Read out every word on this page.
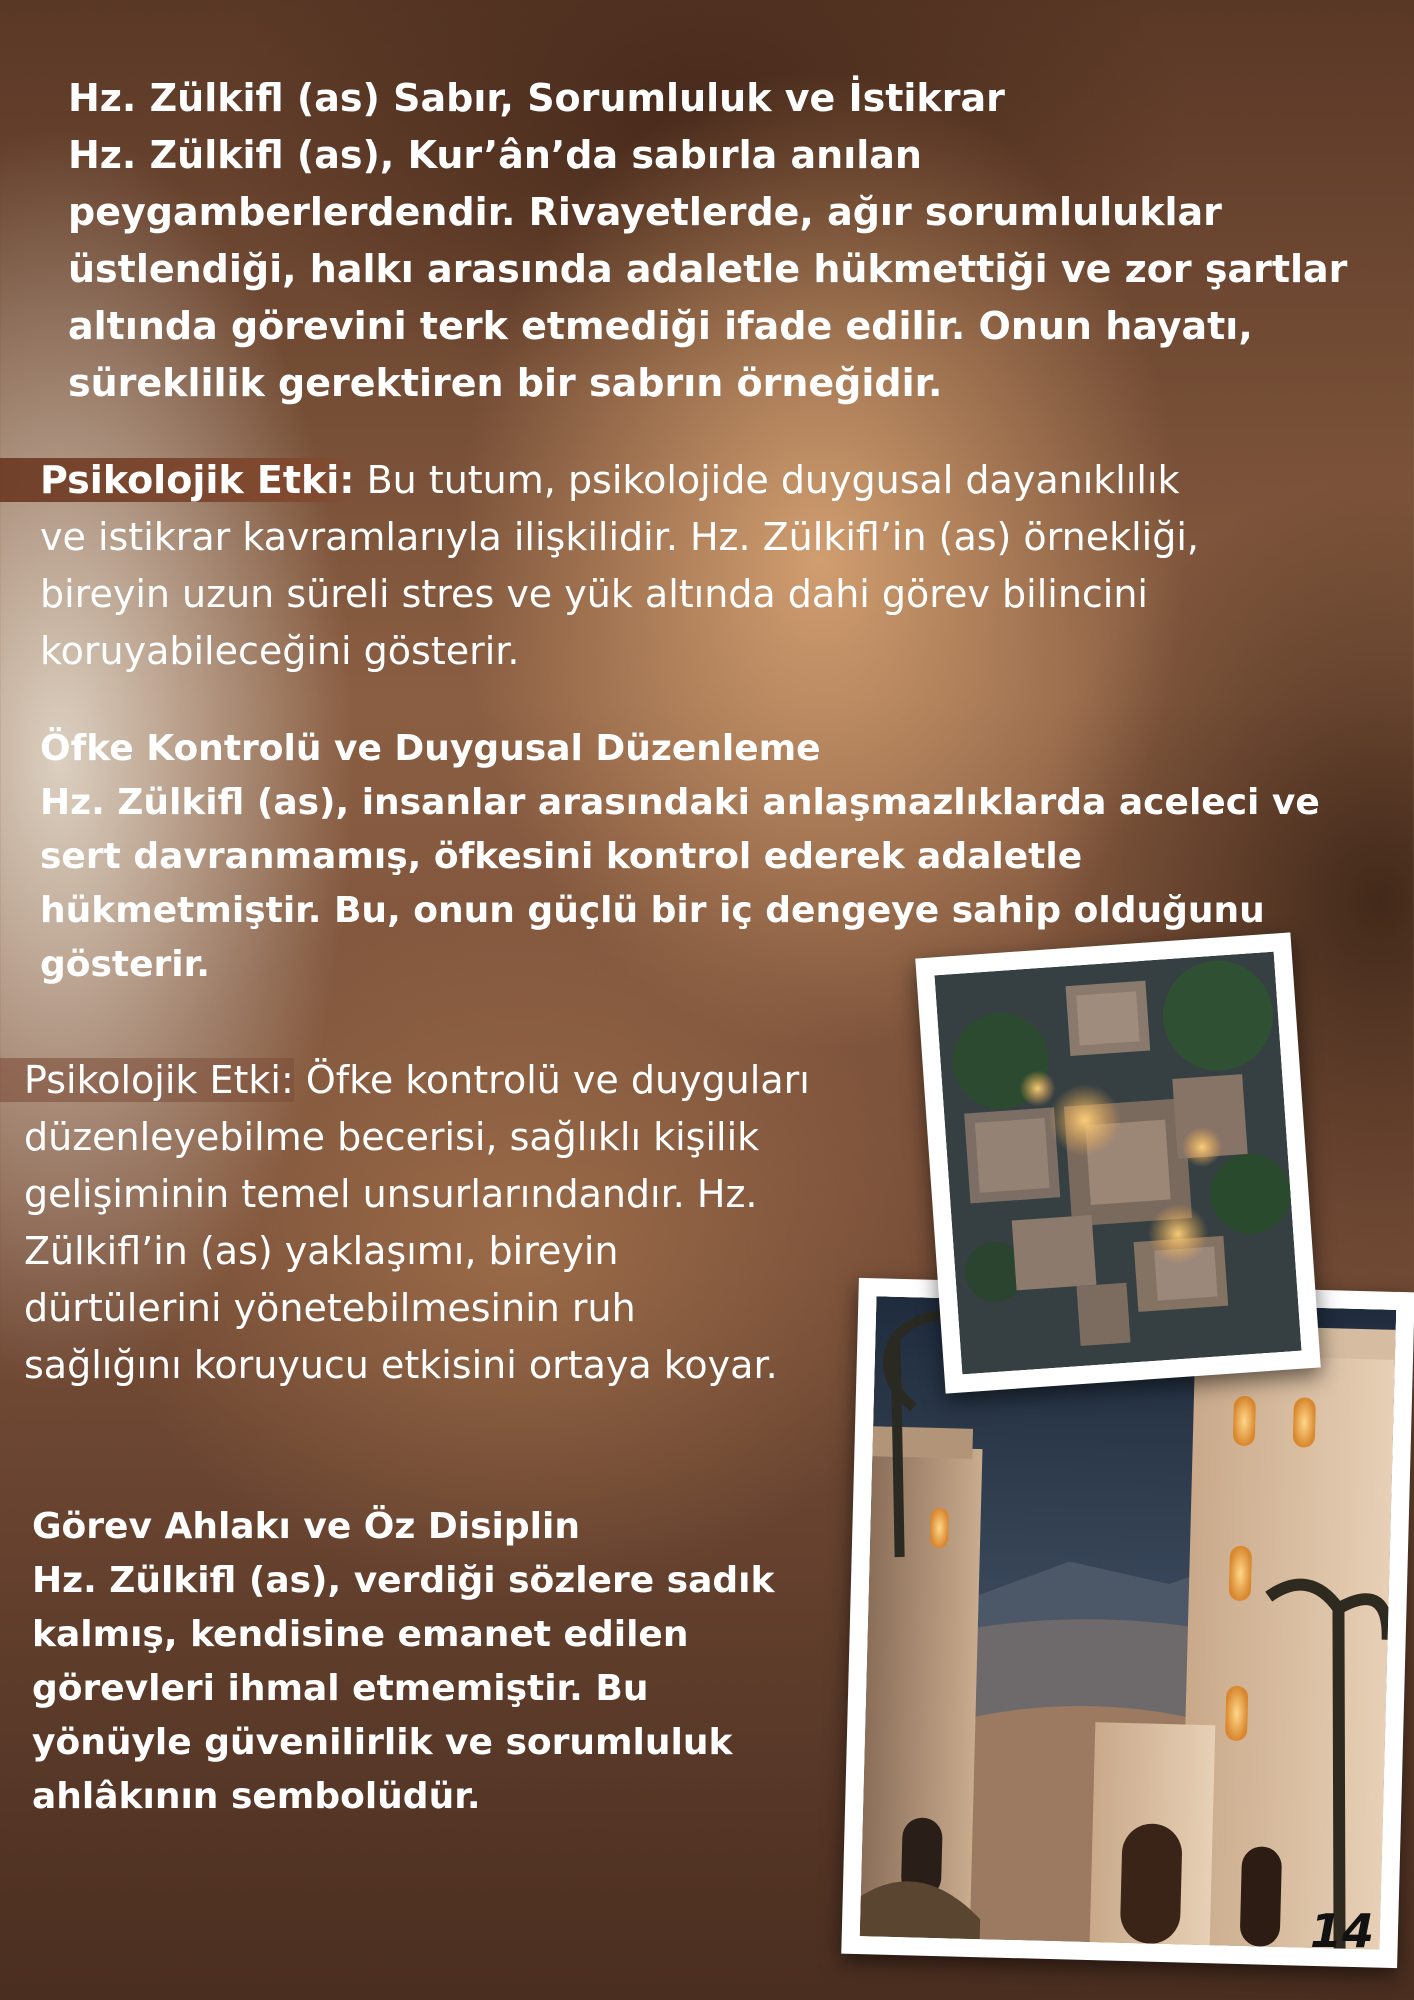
Hz. Zülkifl (as) Sabır, Sorumluluk ve İstikrar
Hz. Zülkifl (as), Kur’ân’da sabırla anılan
peygamberlerdendir. Rivayetlerde, ağır sorumluluklar
üstlendiği, halkı arasında adaletle hükmettiği ve zor şartlar
altında görevini terk etmediği ifade edilir. Onun hayatı,
süreklilik gerektiren bir sabrın örneğidir.
Psikolojik Etki: Bu tutum, psikolojide duygusal dayanıklılık
ve istikrar kavramlarıyla ilişkilidir. Hz. Zülkifl’in (as) örnekliği,
bireyin uzun süreli stres ve yük altında dahi görev bilincini
koruyabileceğini gösterir.
Öfke Kontrolü ve Duygusal Düzenleme
Hz. Zülkifl (as), insanlar arasındaki anlaşmazlıklarda aceleci ve
sert davranmamış, öfkesini kontrol ederek adaletle
hükmetmiştir. Bu, onun güçlü bir iç dengeye sahip olduğunu
gösterir.
Psikolojik Etki: Öfke kontrolü ve duyguları
düzenleyebilme becerisi, sağlıklı kişilik
gelişiminin temel unsurlarındandır. Hz.
Zülkifl’in (as) yaklaşımı, bireyin
dürtülerini yönetebilmesinin ruh
sağlığını koruyucu etkisini ortaya koyar.
Görev Ahlakı ve Öz Disiplin
Hz. Zülkifl (as), verdiği sözlere sadık
kalmış, kendisine emanet edilen
görevleri ihmal etmemiştir. Bu
yönüyle güvenilirlik ve sorumluluk
ahlâkının sembolüdür.
14
